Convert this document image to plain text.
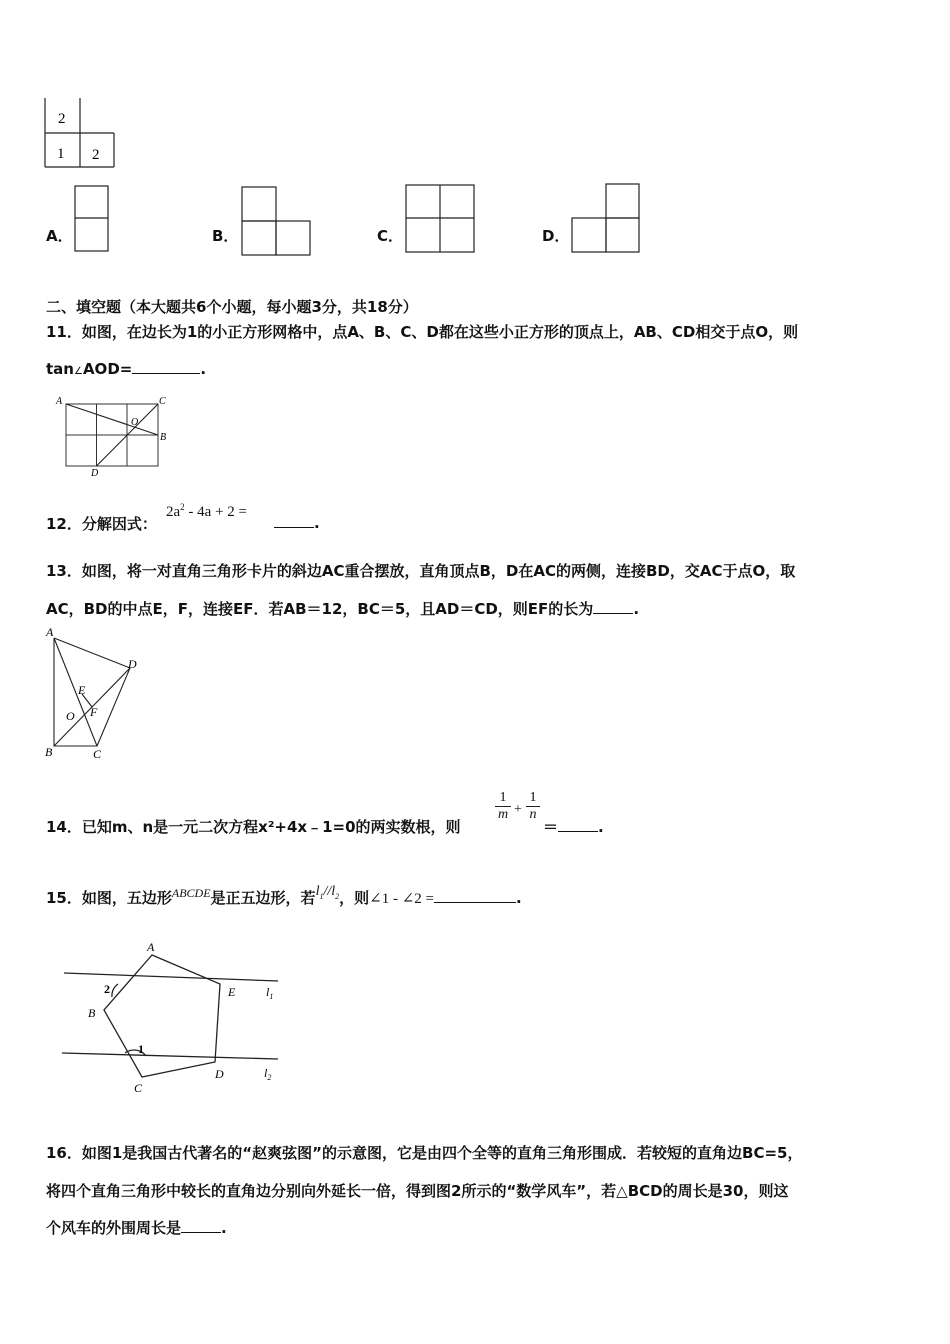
2
1 2
A．	B．	C．	D．
二、填空题（本大题共6个小题，每小题3分，共18分）
11．如图，在边长为1的小正方形网格中，点A、B、C、D都在这些小正方形的顶点上，AB、CD相交于点O，则
tan∠AOD=	.
A	C
B
O
D
12．分解因式：
$2a^2 - 4a + 2$ =
.
13．如图，将一对直角三角形卡片的斜边AC重合摆放，直角顶点B，D在AC的两侧，连接BD，交AC于点O，取
AC，BD的中点E，F，连接EF．若AB＝12，BC＝5，且AD＝CD，则EF的长为	.
A
D
E
F
O
B	C
14．已知m、n是一元二次方程x²+4x﹣1=0的两实数根，则
1
m +
1
n
＝	.
15．如图，五边形$^{ABCDE}$是正五边形，若$l_1//l_2$，则∠1 - ∠2 =	.
A
E
B
D
C
2
1
$l_1$
$l_2$
16．如图1是我国古代著名的“赵爽弦图”的示意图，它是由四个全等的直角三角形围成．若较短的直角边BC=5，
将四个直角三角形中较长的直角边分别向外延长一倍，得到图2所示的“数学风车”，若△BCD的周长是30，则这
个风车的外围周长是	.
